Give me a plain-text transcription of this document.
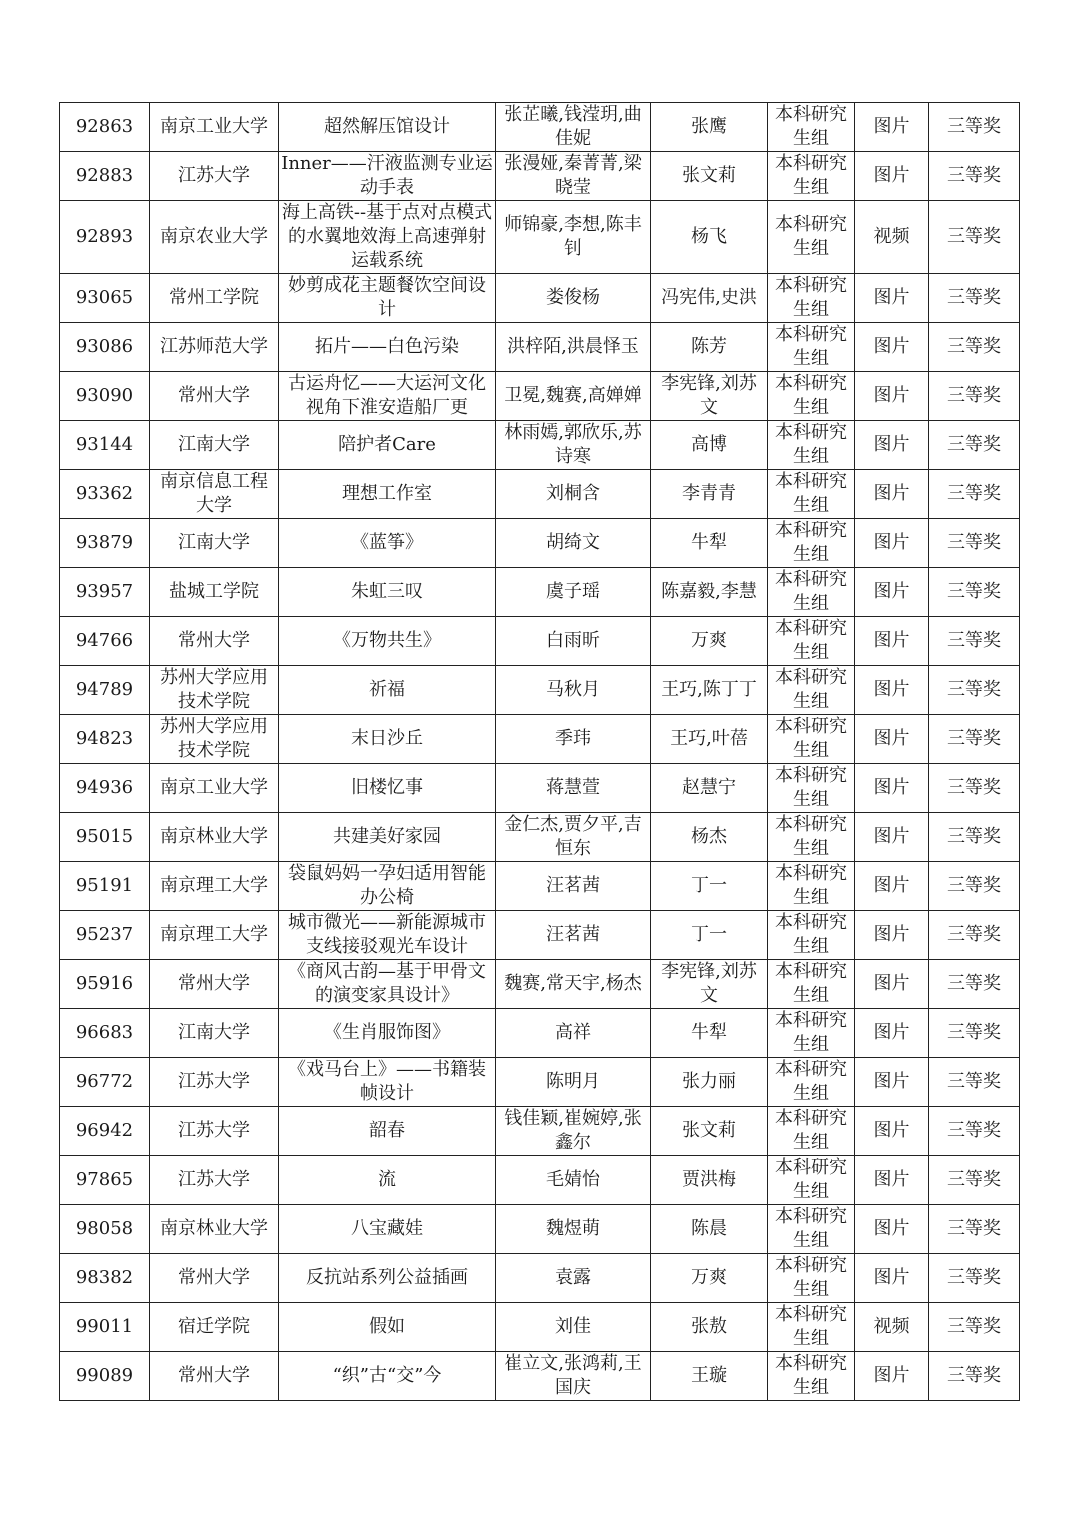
92863	南京工业大学	超然解压馆设计	张芷曦,钱滢玥,曲佳妮	张鹰	本科研究生组	图片	三等奖
92883	江苏大学	Inner——汗液监测专业运动手表	张漫娅,秦菁菁,梁晓莹	张文莉	本科研究生组	图片	三等奖
92893	南京农业大学	海上高铁--基于点对点模式的水翼地效海上高速弹射运载系统	师锦豪,李想,陈丰钊	杨飞	本科研究生组	视频	三等奖
93065	常州工学院	妙剪成花主题餐饮空间设计	娄俊杨	冯宪伟,史洪	本科研究生组	图片	三等奖
93086	江苏师范大学	拓片——白色污染	洪梓陌,洪晨怿玉	陈芳	本科研究生组	图片	三等奖
93090	常州大学	古运舟忆——大运河文化视角下淮安造船厂更	卫冕,魏赛,高婵婵	李宪锋,刘苏文	本科研究生组	图片	三等奖
93144	江南大学	陪护者Care	林雨嫣,郭欣乐,苏诗寒	高博	本科研究生组	图片	三等奖
93362	南京信息工程大学	理想工作室	刘桐含	李青青	本科研究生组	图片	三等奖
93879	江南大学	《蓝筝》	胡绮文	牛犁	本科研究生组	图片	三等奖
93957	盐城工学院	朱虹三叹	虞子瑶	陈嘉毅,李慧	本科研究生组	图片	三等奖
94766	常州大学	《万物共生》	白雨昕	万爽	本科研究生组	图片	三等奖
94789	苏州大学应用技术学院	祈福	马秋月	王巧,陈丁丁	本科研究生组	图片	三等奖
94823	苏州大学应用技术学院	末日沙丘	季玮	王巧,叶蓓	本科研究生组	图片	三等奖
94936	南京工业大学	旧楼忆事	蒋慧萱	赵慧宁	本科研究生组	图片	三等奖
95015	南京林业大学	共建美好家园	金仁杰,贾夕平,吉恒东	杨杰	本科研究生组	图片	三等奖
95191	南京理工大学	袋鼠妈妈一孕妇适用智能办公椅	汪茗茜	丁一	本科研究生组	图片	三等奖
95237	南京理工大学	城市微光——新能源城市支线接驳观光车设计	汪茗茜	丁一	本科研究生组	图片	三等奖
95916	常州大学	《商风古韵—基于甲骨文的演变家具设计》	魏赛,常天宇,杨杰	李宪锋,刘苏文	本科研究生组	图片	三等奖
96683	江南大学	《生肖服饰图》	高祥	牛犁	本科研究生组	图片	三等奖
96772	江苏大学	《戏马台上》——书籍装帧设计	陈明月	张力丽	本科研究生组	图片	三等奖
96942	江苏大学	韶春	钱佳颖,崔婉婷,张鑫尔	张文莉	本科研究生组	图片	三等奖
97865	江苏大学	流	毛婧怡	贾洪梅	本科研究生组	图片	三等奖
98058	南京林业大学	八宝藏娃	魏煜萌	陈晨	本科研究生组	图片	三等奖
98382	常州大学	反抗站系列公益插画	袁露	万爽	本科研究生组	图片	三等奖
99011	宿迁学院	假如	刘佳	张敖	本科研究生组	视频	三等奖
99089	常州大学	“织”古“交”今	崔立文,张鸿莉,王国庆	王璇	本科研究生组	图片	三等奖
